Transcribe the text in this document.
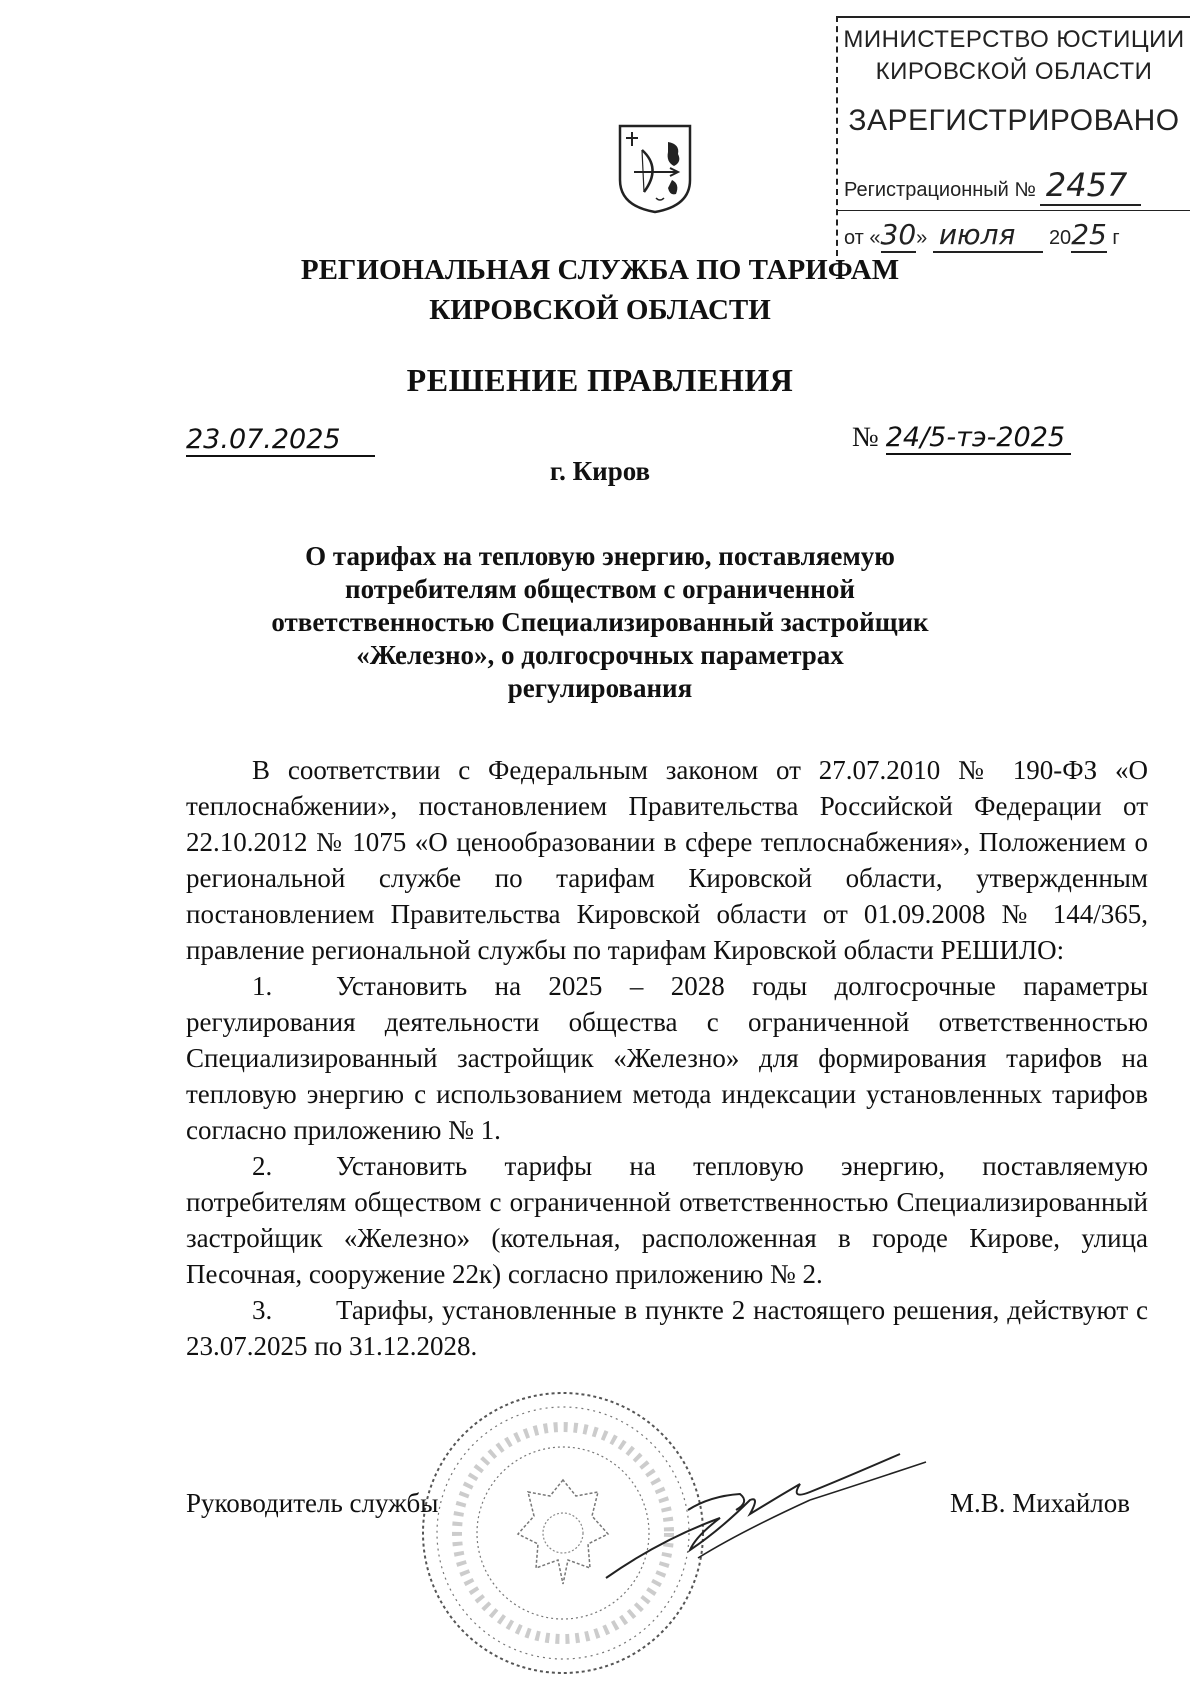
МИНИСТЕРСТВО ЮСТИЦИИ
КИРОВСКОЙ ОБЛАСТИ
ЗАРЕГИСТРИРОВАНО
Регистрационный № 2457
от «30» июля 2025 г
РЕГИОНАЛЬНАЯ СЛУЖБА ПО ТАРИФАМ
КИРОВСКОЙ ОБЛАСТИ
РЕШЕНИЕ ПРАВЛЕНИЯ
23.07.2025	№ 24/5-тэ-2025
г. Киров
О тарифах на тепловую энергию, поставляемую
потребителям обществом с ограниченной
ответственностью Специализированный застройщик
«Железно», о долгосрочных параметрах
регулирования

В соответствии с Федеральным законом от 27.07.2010 № 190-ФЗ «О теплоснабжении», постановлением Правительства Российской Федерации от 22.10.2012 № 1075 «О ценообразовании в сфере теплоснабжения», Положением о региональной службе по тарифам Кировской области, утвержденным постановлением Правительства Кировской области от 01.09.2008 № 144/365, правление региональной службы по тарифам Кировской области РЕШИЛО:

1. Установить на 2025 – 2028 годы долгосрочные параметры регулирования деятельности общества с ограниченной ответственностью Специализированный застройщик «Железно» для формирования тарифов на тепловую энергию с использованием метода индексации установленных тарифов согласно приложению № 1.

2. Установить тарифы на тепловую энергию, поставляемую потребителям обществом с ограниченной ответственностью Специализированный застройщик «Железно» (котельная, расположенная в городе Кирове, улица Песочная, сооружение 22к) согласно приложению № 2.

3. Тарифы, установленные в пункте 2 настоящего решения, действуют с 23.07.2025 по 31.12.2028.

Руководитель службы	М.В. Михайлов
